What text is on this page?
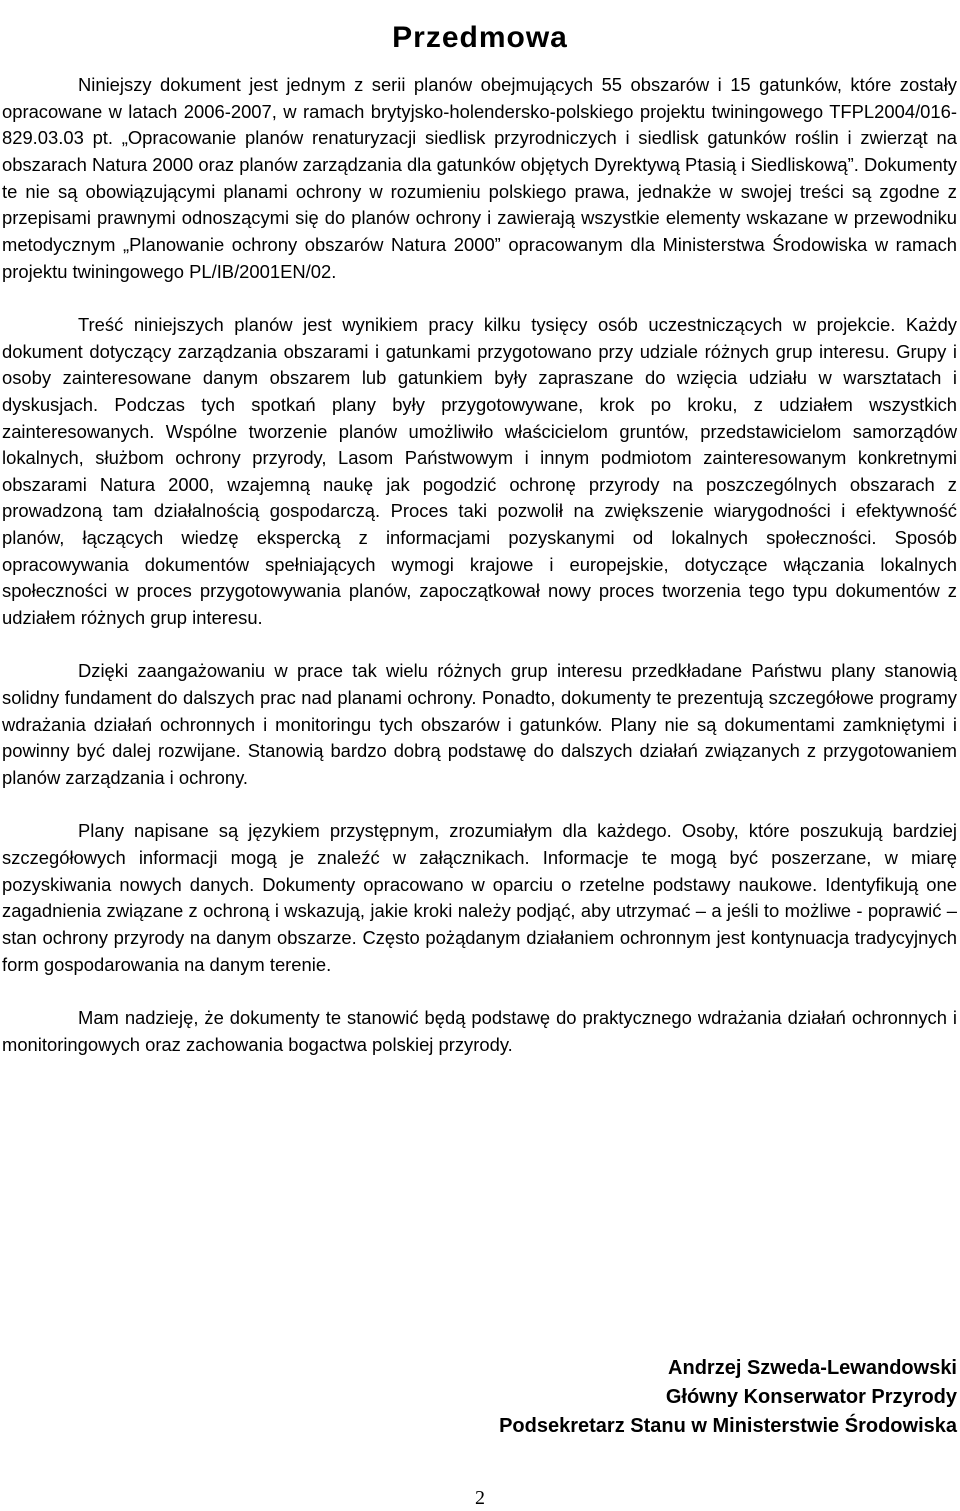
Przedmowa

Niniejszy dokument jest jednym z serii planów obejmujących 55 obszarów i 15 gatunków, które zostały opracowane w latach 2006-2007, w ramach brytyjsko-holendersko-polskiego projektu twiningowego TFPL2004/016-829.03.03 pt. „Opracowanie planów renaturyzacji siedlisk przyrodniczych i siedlisk gatunków roślin i zwierząt na obszarach Natura 2000 oraz planów zarządzania dla gatunków objętych Dyrektywą Ptasią i Siedliskową”. Dokumenty te nie są obowiązującymi planami ochrony w rozumieniu polskiego prawa, jednakże w swojej treści są zgodne z przepisami prawnymi odnoszącymi się do planów ochrony i zawierają wszystkie elementy wskazane w przewodniku metodycznym „Planowanie ochrony obszarów Natura 2000” opracowanym dla Ministerstwa Środowiska w ramach projektu twiningowego PL/IB/2001EN/02.

Treść niniejszych planów jest wynikiem pracy kilku tysięcy osób uczestniczących w projekcie. Każdy dokument dotyczący zarządzania obszarami i gatunkami przygotowano przy udziale różnych grup interesu. Grupy i osoby zainteresowane danym obszarem lub gatunkiem były zapraszane do wzięcia udziału w warsztatach i dyskusjach. Podczas tych spotkań plany były przygotowywane, krok po kroku, z udziałem wszystkich zainteresowanych. Wspólne tworzenie planów umożliwiło właścicielom gruntów, przedstawicielom samorządów lokalnych, służbom ochrony przyrody, Lasom Państwowym i innym podmiotom zainteresowanym konkretnymi obszarami Natura 2000, wzajemną naukę jak pogodzić ochronę przyrody na poszczególnych obszarach z prowadzoną tam działalnością gospodarczą. Proces taki pozwolił na zwiększenie wiarygodności i efektywność planów, łączących wiedzę ekspercką z informacjami pozyskanymi od lokalnych społeczności. Sposób opracowywania dokumentów spełniających wymogi krajowe i europejskie, dotyczące włączania lokalnych społeczności w proces przygotowywania planów, zapoczątkował nowy proces tworzenia tego typu dokumentów z udziałem różnych grup interesu.

Dzięki zaangażowaniu w prace tak wielu różnych grup interesu przedkładane Państwu plany stanowią solidny fundament do dalszych prac nad planami ochrony. Ponadto, dokumenty te prezentują szczegółowe programy wdrażania działań ochronnych i monitoringu tych obszarów i gatunków. Plany nie są dokumentami zamkniętymi i powinny być dalej rozwijane. Stanowią bardzo dobrą podstawę do dalszych działań związanych z przygotowaniem planów zarządzania i ochrony.

Plany napisane są językiem przystępnym, zrozumiałym dla każdego. Osoby, które poszukują bardziej szczegółowych informacji mogą je znaleźć w załącznikach. Informacje te mogą być poszerzane, w miarę pozyskiwania nowych danych. Dokumenty opracowano w oparciu o rzetelne podstawy naukowe. Identyfikują one zagadnienia związane z ochroną i wskazują, jakie kroki należy podjąć, aby utrzymać – a jeśli to możliwe - poprawić – stan ochrony przyrody na danym obszarze. Często pożądanym działaniem ochronnym jest kontynuacja tradycyjnych form gospodarowania na danym terenie.

Mam nadzieję, że dokumenty te stanowić będą podstawę do praktycznego wdrażania działań ochronnych i monitoringowych oraz zachowania bogactwa polskiej przyrody.

Andrzej Szweda-Lewandowski
Główny Konserwator Przyrody
Podsekretarz Stanu w Ministerstwie Środowiska
2
